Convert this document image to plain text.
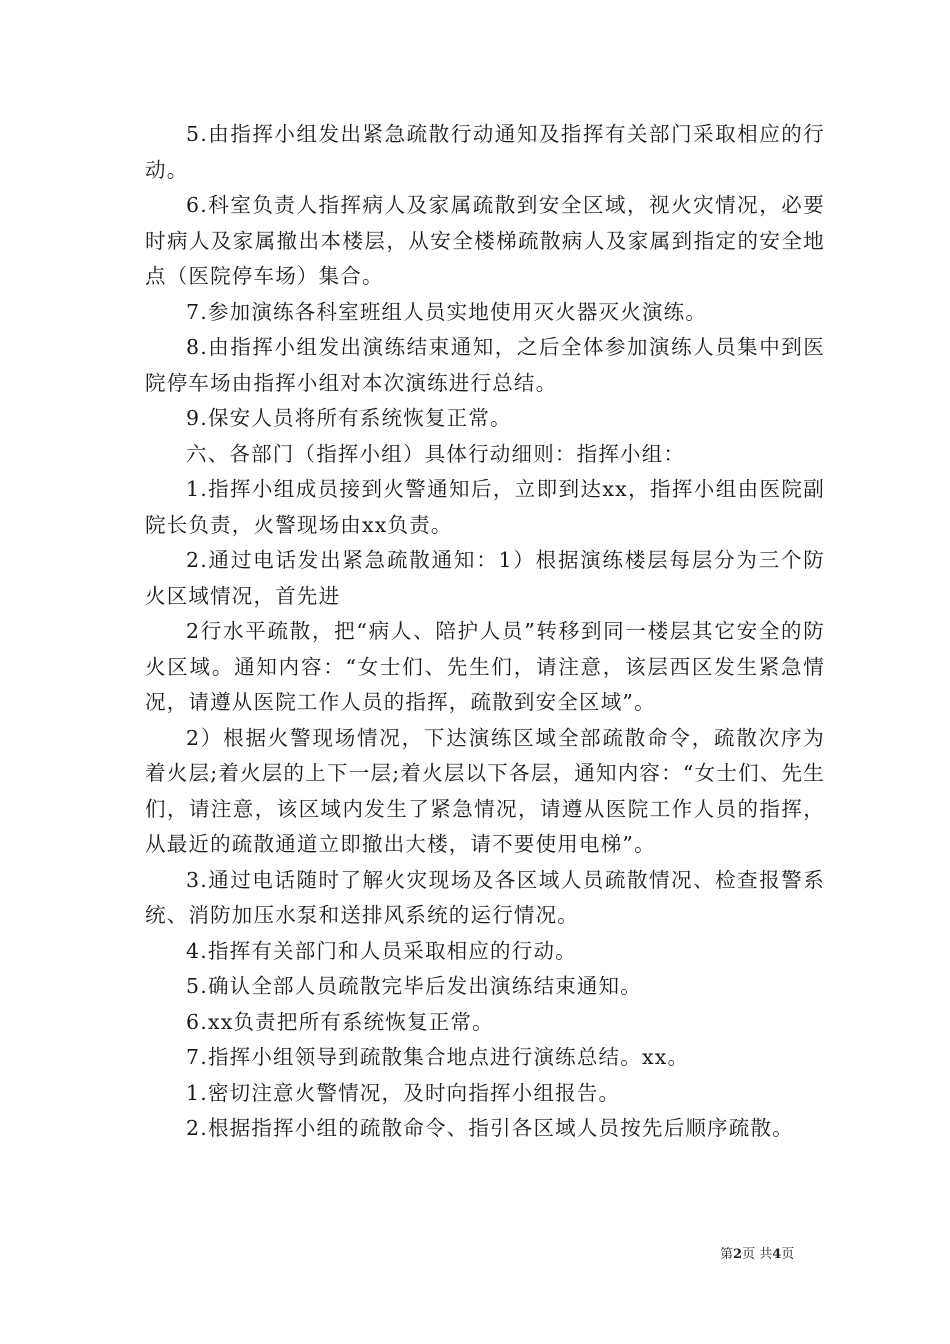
5.由指挥小组发出紧急疏散行动通知及指挥有关部门采取相应的行动。

6.科室负责人指挥病人及家属疏散到安全区域，视火灾情况，必要时病人及家属撤出本楼层，从安全楼梯疏散病人及家属到指定的安全地点（医院停车场）集合。

7.参加演练各科室班组人员实地使用灭火器灭火演练。

8.由指挥小组发出演练结束通知，之后全体参加演练人员集中到医院停车场由指挥小组对本次演练进行总结。

9.保安人员将所有系统恢复正常。

六、各部门（指挥小组）具体行动细则：指挥小组：

1.指挥小组成员接到火警通知后，立即到达xx，指挥小组由医院副院长负责，火警现场由xx负责。

2.通过电话发出紧急疏散通知：1）根据演练楼层每层分为三个防火区域情况，首先进

2行水平疏散，把“病人、陪护人员”转移到同一楼层其它安全的防火区域。通知内容：“女士们、先生们，请注意，该层西区发生紧急情况，请遵从医院工作人员的指挥，疏散到安全区域”。

2）根据火警现场情况，下达演练区域全部疏散命令，疏散次序为着火层;着火层的上下一层;着火层以下各层，通知内容：“女士们、先生们，请注意，该区域内发生了紧急情况，请遵从医院工作人员的指挥，从最近的疏散通道立即撤出大楼，请不要使用电梯”。

3.通过电话随时了解火灾现场及各区域人员疏散情况、检查报警系统、消防加压水泵和送排风系统的运行情况。

4.指挥有关部门和人员采取相应的行动。

5.确认全部人员疏散完毕后发出演练结束通知。

6.xx负责把所有系统恢复正常。

7.指挥小组领导到疏散集合地点进行演练总结。xx。

1.密切注意火警情况，及时向指挥小组报告。

2.根据指挥小组的疏散命令、指引各区域人员按先后顺序疏散。

第2页 共4页
